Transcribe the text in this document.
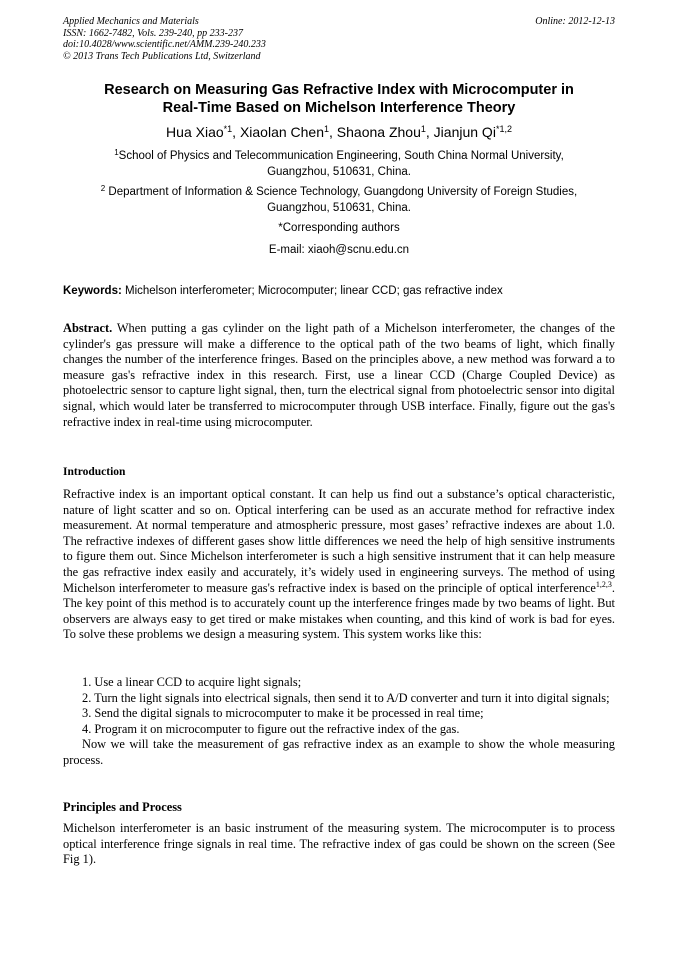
Applied Mechanics and Materials
ISSN: 1662-7482, Vols. 239-240, pp 233-237
doi:10.4028/www.scientific.net/AMM.239-240.233
© 2013 Trans Tech Publications Ltd, Switzerland
Online: 2012-12-13
Research on Measuring Gas Refractive Index with Microcomputer in
Real-Time Based on Michelson Interference Theory
Hua Xiao$^{*1}$, Xiaolan Chen$^1$, Shaona Zhou$^1$, Jianjun Qi$^{*1,2}$
$^1$School of Physics and Telecommunication Engineering, South China Normal University,
Guangzhou, 510631, China.
$^2$ Department of Information & Science Technology, Guangdong University of Foreign Studies,
Guangzhou, 510631, China.
*Corresponding authors
E-mail: xiaoh@scnu.edu.cn
Keywords: Michelson interferometer; Microcomputer; linear CCD; gas refractive index
Abstract. When putting a gas cylinder on the light path of a Michelson interferometer, the changes of the cylinder's gas pressure will make a difference to the optical path of the two beams of light, which finally changes the number of the interference fringes. Based on the principles above, a new method was forward a to measure gas's refractive index in this research. First, use a linear CCD (Charge Coupled Device) as photoelectric sensor to capture light signal, then, turn the electrical signal from photoelectric sensor into digital signal, which would later be transferred to microcomputer through USB interface. Finally, figure out the gas's refractive index in real-time using microcomputer.
Introduction
Refractive index is an important optical constant. It can help us find out a substance’s optical characteristic, nature of light scatter and so on. Optical interfering can be used as an accurate method for refractive index measurement. At normal temperature and atmospheric pressure, most gases’ refractive indexes are about 1.0. The refractive indexes of different gases show little differences we need the help of high sensitive instruments to figure them out. Since Michelson interferometer is such a high sensitive instrument that it can help measure the gas refractive index easily and accurately, it’s widely used in engineering surveys. The method of using Michelson interferometer to measure gas's refractive index is based on the principle of optical interference$^{1,2,3}$. The key point of this method is to accurately count up the interference fringes made by two beams of light. But observers are always easy to get tired or make mistakes when counting, and this kind of work is bad for eyes. To solve these problems we design a measuring system. This system works like this:
1. Use a linear CCD to acquire light signals;
2. Turn the light signals into electrical signals, then send it to A/D converter and turn it into digital signals;
3. Send the digital signals to microcomputer to make it be processed in real time;
4. Program it on microcomputer to figure out the refractive index of the gas.
Now we will take the measurement of gas refractive index as an example to show the whole measuring process.
Principles and Process
Michelson interferometer is an basic instrument of the measuring system. The microcomputer is to process optical interference fringe signals in real time. The refractive index of gas could be shown on the screen (See Fig 1).
